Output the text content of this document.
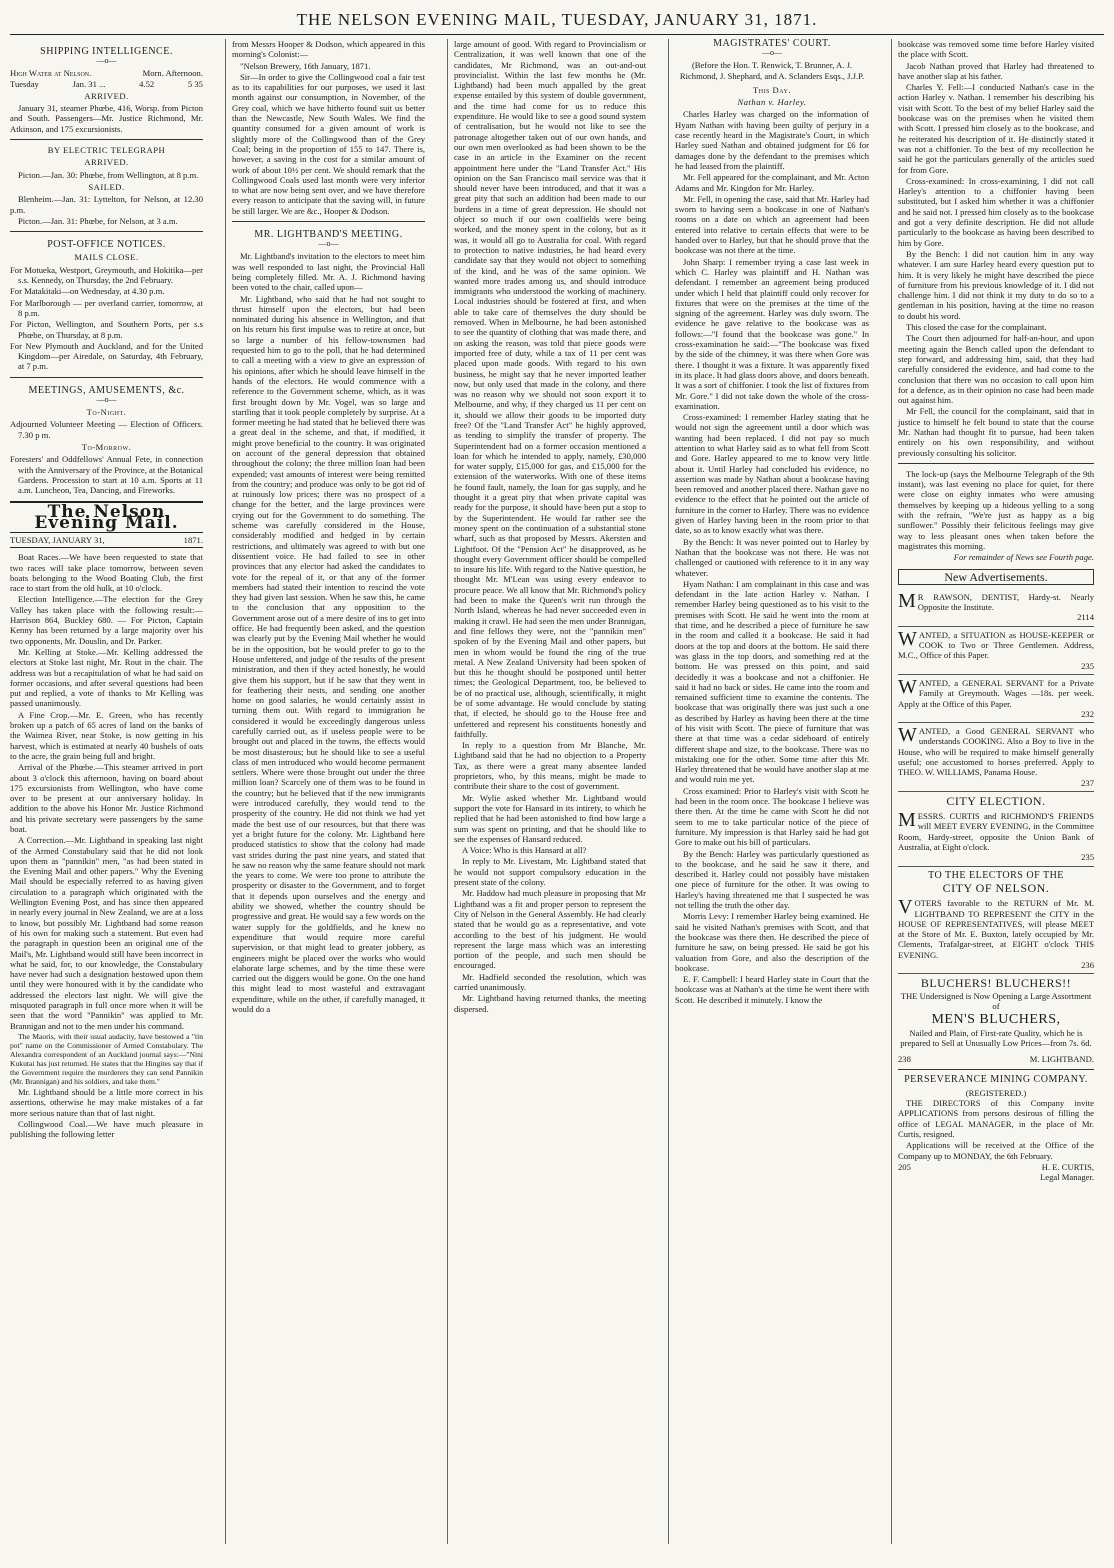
THE NELSON EVENING MAIL, TUESDAY, JANUARY 31, 1871.
SHIPPING INTELLIGENCE.
—o—
High Water at Nelson.	Morn. Afternoon.
Tuesday	Jan. 31 ...	4.52	5 35
ARRIVED.

January 31, steamer Phœbe, 416, Worsp. from Picton and South. Passengers—Mr. Justice Richmond, Mr. Atkinson, and 175 excursionists.

BY ELECTRIC TELEGRAPH
ARRIVED.

Picton.—Jan. 30: Phœbe, from Wellington, at 8 p.m.

SAILED.

Blenheim.—Jan. 31: Lyttelton, for Nelson, at 12.30 p.m.

Picton.—Jan. 31: Phœbe, for Nelson, at 3 a.m.

POST-OFFICE NOTICES.
MAILS CLOSE.

For Motueka, Westport, Greymouth, and Hokitika—per s.s. Kennedy, on Thursday, the 2nd February.

For Matakitaki—on Wednesday, at 4.30 p.m.

For Marlborough — per overland carrier, tomorrow, at 8 p.m.

For Picton, Wellington, and Southern Ports, per s.s Phœbe, on Thursday, at 8 p.m.

For New Plymouth and Auckland, and for the United Kingdom—per Airedale, on Saturday, 4th February, at 7 p.m.

MEETINGS, AMUSEMENTS, &c.
—o—
To-Night.

Adjourned Volunteer Meeting — Election of Officers. 7.30 p m.

To-Morrow.

Foresters' and Oddfellows' Annual Fete, in connection with the Anniversary of the Province, at the Botanical Gardens. Procession to start at 10 a.m. Sports at 11 a.m. Luncheon, Tea, Dancing, and Fireworks.

The Nelson Evening Mail.
TUESDAY, JANUARY 31,	1871.

Boat Races.—We have been requested to state that two races will take place tomorrow, between seven boats belonging to the Wood Boating Club, the first race to start from the old hulk, at 10 o'clock.

Election Intelligence.—The election for the Grey Valley has taken place with the following result:—Harrison 864, Buckley 680. — For Picton, Captain Kenny has been returned by a large majority over his two opponents, Mr. Douslin, and Dr. Parker.

Mr. Kelling at Stoke.—Mr. Kelling addressed the electors at Stoke last night, Mr. Rout in the chair. The address was but a recapitulation of what he had said on former occasions, and after several questions had been put and replied, a vote of thanks to Mr Kelling was passed unanimously.

A Fine Crop.—Mr. E. Green, who has recently broken up a patch of 65 acres of land on the banks of the Waimea River, near Stoke, is now getting in his harvest, which is estimated at nearly 40 bushels of oats to the acre, the grain being full and bright.

Arrival of the Phœbe.—This steamer arrived in port about 3 o'clock this afternoon, having on board about 175 excursionists from Wellington, who have come over to be present at our anniversary holiday. In addition to the above his Honor Mr. Justice Richmond and his private secretary were passengers by the same boat.

A Correction.—Mr. Lightband in speaking last night of the Armed Constabulary said that he did not look upon them as "pannikin" men, "as had been stated in the Evening Mail and other papers." Why the Evening Mail should be especially referred to as having given circulation to a paragraph which originated with the Wellington Evening Post, and has since then appeared in nearly every journal in New Zealand, we are at a loss to know, but possibly Mr. Lightband had some reason of his own for making such a statement. But even had the paragraph in question been an original one of the Mail's, Mr. Lightband would still have been incorrect in what he said, for, to our knowledge, the Constabulary have never had such a designation bestowed upon them until they were honoured with it by the candidate who addressed the electors last night. We will give the misquoted paragraph in full once more when it will be seen that the word "Pannikin" was applied to Mr. Brannigan and not to the men under his command.

The Maoris, with their usual audacity, have bestowed a "tin pot" name on the Commissioner of Armed Constabulary. The Alexandra correspondent of an Auckland journal says:—"Nini Kukutai has just returned. He states that the Hingites say that if the Government require the murderers they can send Pannikin (Mr. Brannigan) and his soldiers, and take them."

Mr. Lightband should be a little more correct in his assertions, otherwise he may make mistakes of a far more serious nature than that of last night.

Collingwood Coal.—We have much pleasure in publishing the following letter

from Messrs Hooper & Dodson, which appeared in this morning's Colonist:—

"Nelson Brewery, 16th January, 1871.

Sir—In order to give the Collingwood coal a fair test as to its capabilities for our purposes, we used it last month against our consumption, in November, of the Grey coal, which we have hitherto found suit us better than the Newcastle, New South Wales. We find the quantity consumed for a given amount of work is slightly more of the Collingwood than of the Grey Coal; being in the proportion of 155 to 147. There is, however, a saving in the cost for a similar amount of work of about 10½ per cent. We should remark that the Collingwood Coals used last month were very inferior to what are now being sent over, and we have therefore every reason to anticipate that the saving will, in future be still larger. We are &c., Hooper & Dodson.

MR. LIGHTBAND'S MEETING.
—o—

Mr. Lightband's invitation to the electors to meet him was well responded to last night, the Provincial Hall being completely filled. Mr. A. J. Richmond having been voted to the chair, called upon—

Mr. Lightband, who said that he had not sought to thrust himself upon the electors, but had been nominated during his absence in Wellington, and that on his return his first impulse was to retire at once, but so large a number of his fellow-townsmen had requested him to go to the poll, that he had determined to call a meeting with a view to give an expression of his opinions, after which he should leave himself in the hands of the electors. He would commence with a reference to the Government scheme, which, as it was first brought down by Mr. Vogel, was so large and startling that it took people completely by surprise. At a former meeting he had stated that he believed there was a great deal in the scheme, and that, if modified, it might prove beneficial to the country. It was originated on account of the general depression that obtained throughout the colony; the three million loan had been expended; vast amounts of interest were being remitted from the country; and produce was only to be got rid of at ruinously low prices; there was no prospect of a change for the better, and the large provinces were crying out for the Government to do something. The scheme was carefully considered in the House, considerably modified and hedged in by certain restrictions, and ultimately was agreed to with but one dissentient voice. He had failed to see in other provinces that any elector had asked the candidates to vote for the repeal of it, or that any of the former members had stated their intention to rescind the vote they had given last session. When he saw this, he came to the conclusion that any opposition to the Government arose out of a mere desire of ins to get into office. He had frequently been asked, and the question was clearly put by the Evening Mail whether he would be in the opposition, but he would prefer to go to the House unfettered, and judge of the results of the present ministration, and then if they acted honestly, he would give them his support, but if he saw that they went in for feathering their nests, and sending one another home on good salaries, he would certainly assist in turning them out. With regard to immigration he considered it would be exceedingly dangerous unless carefully carried out, as if useless people were to be brought out and placed in the towns, the effects would be most disasterous; but he should like to see a useful class of men introduced who would become permanent settlers. Where were those brought out under the three million loan? Scarcely one of them was to be found in the country; but he believed that if the new immigrants were introduced carefully, they would tend to the prosperity of the country. He did not think we had yet made the best use of our resources, but that there was yet a bright future for the colony. Mr. Lightband here produced statistics to show that the colony had made vast strides during the past nine years, and stated that he saw no reason why the same feature should not mark the years to come. We were too prone to attribute the prosperity or disaster to the Government, and to forget that it depends upon ourselves and the energy and ability we showed, whether the country should be progressive and great. He would say a few words on the water supply for the goldfields, and he knew no expenditure that would require more careful supervision, or that might lead to greater jobbery, as engineers might be placed over the works who would elaborate large schemes, and by the time these were carried out the diggers would be gone. On the one hand this might lead to most wasteful and extravagant expenditure, while on the other, if carefully managed, it would do a

large amount of good. With regard to Provincialism or Centralization, it was well known that one of the candidates, Mr Richmond, was an out-and-out provincialist. Within the last few months he (Mr. Lightband) had been much appalled by the great expense entailed by this system of double government, and the time had come for us to reduce this expenditure. He would like to see a good sound system of centralisation, but he would not like to see the patronage altogether taken out of our own hands, and our own men overlooked as had been shown to be the case in an article in the Examiner on the recent appointment here under the "Land Transfer Act." His opinion on the San Francisco mail service was that it should never have been introduced, and that it was a great pity that such an addition had been made to our burdens in a time of great depression. He should not object so much if our own coalfields were being worked, and the money spent in the colony, but as it was, it would all go to Australia for coal. With regard to protection to native industries, he had heard every candidate say that they would not object to something of the kind, and he was of the same opinion. We wanted more trades among us, and should introduce immigrants who understood the working of machinery. Local industries should be fostered at first, and when able to take care of themselves the duty should be removed. When in Melbourne, he had been astonished to see the quantity of clothing that was made there, and on asking the reason, was told that piece goods were imported free of duty, while a tax of 11 per cent was placed upon made goods. With regard to his own business, he might say that he never imported leather now, but only used that made in the colony, and there was no reason why we should not soon export it to Melbourne, and why, if they charged us 11 per cent on it, should we allow their goods to be imported duty free? Of the "Land Transfer Act" he highly approved, as tending to simplify the transfer of property. The Superintendent had on a former occasion mentioned a loan for which he intended to apply, namely, £30,000 for water supply, £15,000 for gas, and £15,000 for the extension of the waterworks. With one of these items he found fault, namely, the loan for gas supply, and he thought it a great pity that when private capital was ready for the purpose, it should have been put a stop to by the Superintendent. He would far rather see the money spent on the continuation of a substantial stone wharf, such as that proposed by Messrs. Akersten and Lightfoot. Of the "Pension Act" he disapproved, as he thought every Government officer should be compelled to insure his life. With regard to the Native question, he thought Mr. M'Lean was using every endeavor to procure peace. We all know that Mr. Richmond's policy had been to make the Queen's writ run through the North Island, whereas he had never succeeded even in making it crawl. He had seen the men under Brannigan, and fine fellows they were, not the "pannikin men" spoken of by the Evening Mail and other papers, but men in whom would be found the ring of the true metal. A New Zealand University had been spoken of but this he thought should be postponed until better times; the Geological Department, too, be believed to be of no practical use, although, scientifically, it might be of some advantage. He would conclude by stating that, if elected, he should go to the House free and unfettered and represent his constituents honestly and faithfully.

In reply to a question from Mr Blanche, Mr. Lightband said that he had no objection to a Property Tax, as there were a great many absentee landed proprietors, who, by this means, might be made to contribute their share to the cost of government.

Mr. Wylie asked whether Mr. Lightband would support the vote for Hansard in its intirety, to which he replied that he had been astonished to find how large a sum was spent on printing, and that he should like to see the expenses of Hansard reduced.

A Voice: Who is this Hansard at all?

In reply to Mr. Livestam, Mr. Lightband stated that he would not support compulsory education in the present state of the colony.

Mr. Haddow had much pleasure in proposing that Mr Lightband was a fit and proper person to represent the City of Nelson in the General Assembly. He had clearly stated that he would go as a representative, and vote according to the best of his judgment. He would represent the large mass which was an interesting portion of the people, and such men should be encouraged.

Mr. Hadfield seconded the resolution, which was carried unanimously.

Mr. Lightband having returned thanks, the meeting dispersed.

MAGISTRATES' COURT.
—o—
(Before the Hon. T. Renwick, T. Brunner, A. J. Richmond, J. Shephard, and A. Sclanders Esqs., J.J.P.
This Day.
Nathan v. Harley.

Charles Harley was charged on the information of Hyam Nathan with having been guilty of perjury in a case recently heard in the Magistrate's Court, in which Harley sued Nathan and obtained judgment for £6 for damages done by the defendant to the premises which he had leased from the plaintiff.

Mr. Fell appeared for the complainant, and Mr. Acton Adams and Mr. Kingdon for Mr. Harley.

Mr. Fell, in opening the case, said that Mr. Harley had sworn to having seen a bookcase in one of Nathan's rooms on a date on which an agreement had been entered into relative to certain effects that were to be handed over to Harley, but that he should prove that the bookcase was not there at the time.

John Sharp: I remember trying a case last week in which C. Harley was plaintiff and H. Nathan was defendant. I remember an agreement being produced under which I held that plaintiff could only recover for fixtures that were on the premises at the time of the signing of the agreement. Harley was duly sworn. The evidence he gave relative to the bookcase was as follows:—"I found that the bookcase was gone." In cross-examination he said:—"The bookcase was fixed by the side of the chimney, it was there when Gore was there. I thought it was a fixture. It was apparently fixed in its place. It had glass doors above, and doors beneath. It was a sort of chiffonier. I took the list of fixtures from Mr. Gore." I did not take down the whole of the cross-examination.

Cross-examined: I remember Harley stating that he would not sign the agreement until a door which was wanting had been replaced. I did not pay so much attention to what Harley said as to what fell from Scott and Gore. Harley appeared to me to know very little about it. Until Harley had concluded his evidence, no assertion was made by Nathan about a bookcase having been removed and another placed there. Nathan gave no evidence to the effect that he pointed out the article of furniture in the corner to Harley. There was no evidence given of Harley having been in the room prior to that date, so as to know exactly what was there.

By the Bench: It was never pointed out to Harley by Nathan that the bookcase was not there. He was not challenged or cautioned with reference to it in any way whatever.

Hyam Nathan: I am complainant in this case and was defendant in the late action Harley v. Nathan. I remember Harley being questioned as to his visit to the premises with Scott. He said he went into the room at that time, and he described a piece of furniture he saw in the room and called it a bookcase. He said it had doors at the top and doors at the bottom. He said there was glass in the top doors, and something red at the bottom. He was pressed on this point, and said decidedly it was a bookcase and not a chiffonier. He said it had no back or sides. He came into the room and remained sufficient time to examine the contents. The bookcase that was originally there was just such a one as described by Harley as having been there at the time of his visit with Scott. The piece of furniture that was there at that time was a cedar sideboard of entirely different shape and size, to the bookcase. There was no mistaking one for the other. Some time after this Mr. Harley threatened that he would have another slap at me and would ruin me yet.

Cross examined: Prior to Harley's visit with Scott he had been in the room once. The bookcase I believe was there then. At the time he came with Scott he did not seem to me to take particular notice of the piece of furniture. My impression is that Harley said he had got Gore to make out his bill of particulars.

By the Bench: Harley was particularly questioned as to the bookcase, and he said he saw it there, and described it. Harley could not possibly have mistaken one piece of furniture for the other. It was owing to Harley's having threatened me that I suspected he was not telling the truth the other day.

Morris Levy: I remember Harley being examined. He said he visited Nathan's premises with Scott, and that the bookcase was there then. He described the piece of furniture he saw, on being pressed. He said he got his valuation from Gore, and also the description of the bookcase.

E. F. Campbell: I heard Harley state in Court that the bookcase was at Nathan's at the time he went there with Scott. He described it minutely. I know the

bookcase was removed some time before Harley visited the place with Scott.

Jacob Nathan proved that Harley had threatened to have another slap at his father.

Charles Y. Fell:—I conducted Nathan's case in the action Harley v. Nathan. I remember his describing his visit with Scott. To the best of my belief Harley said the bookcase was on the premises when he visited them with Scott. I pressed him closely as to the bookcase, and he reiterated his description of it. He distinctly stated it was not a chiffonier. To the best of my recollection he said he got the particulars generally of the articles sued for from Gore.

Cross-examined: In cross-examining, I did not call Harley's attention to a chiffonier having been substituted, but I asked him whether it was a chiffonier and he said not. I pressed him closely as to the bookcase and got a very definite description. He did not allude particularly to the bookcase as having been described to him by Gore.

By the Bench: I did not caution him in any way whatever. I am sure Harley heard every question put to him. It is very likely he might have described the piece of furniture from his previous knowledge of it. I did not challenge him. I did not think it my duty to do so to a gentleman in his position, having at the time no reason to doubt his word.

This closed the case for the complainant.

The Court then adjourned for half-an-hour, and upon meeting again the Bench called upon the defendant to step forward, and addressing him, said, that they had carefully considered the evidence, and had come to the conclusion that there was no occasion to call upon him for a defence, as in their opinion no case had been made out against him.

Mr Fell, the council for the complainant, said that in justice to himself he felt bound to state that the course Mr. Nathan had thought fit to pursue, had been taken entirely on his own responsibility, and without previously consulting his solicitor.

The lock-up (says the Melbourne Telegraph of the 9th instant), was last evening no place for quiet, for there were close on eighty inmates who were amusing themselves by keeping up a hideous yelling to a song with the refrain, "We're just as happy as a big sunflower." Possibly their felicitous feelings may give way to less pleasant ones when taken before the magistrates this morning.

For remainder of News see Fourth page.
New Advertisements.
M R RAWSON, DENTIST, Hardy-st. Nearly Opposite the Institute.
2114
W ANTED, a SITUATION as HOUSE-KEEPER or COOK to Two or Three Gentlemen. Address, M.C., Office of this Paper.
235
W ANTED, a GENERAL SERVANT for a Private Family at Greymouth. Wages —18s. per week. Apply at the Office of this Paper.
232
W ANTED, a Good GENERAL SERVANT who understands COOKING. Also a Boy to live in the House, who will be required to make himself generally useful; one accustomed to horses preferred. Apply to THEO. W. WILLIAMS, Panama House.
237
CITY ELECTION.
M ESSRS. CURTIS and RICHMOND'S FRIENDS will MEET EVERY EVENING, in the Committee Room, Hardy-street, opposite the Union Bank of Australia, at Eight o'clock.
235
TO THE ELECTORS OF THE
CITY OF NELSON.
V OTERS favorable to the RETURN of Mr. M. LIGHTBAND TO REPRESENT the CITY in the HOUSE OF REPRESENTATIVES, will please MEET at the Store of Mr. E. Buxton, lately occupied by Mr. Clements, Trafalgar-street, at EIGHT o'clock THIS EVENING.
236
BLUCHERS! BLUCHERS!!
THE Undersigned is Now Opening a Large Assortment of
MEN'S BLUCHERS,
Nailed and Plain, of First-rate Quality, which he is prepared to Sell at Unusually Low Prices—from 7s. 6d.
238	M. LIGHTBAND.
PERSEVERANCE MINING COMPANY.
(REGISTERED.)

THE DIRECTORS of this Company invite APPLICATIONS from persons desirous of filling the office of LEGAL MANAGER, in the place of Mr. Curtis, resigned.

Applications will be received at the Office of the Company up to MONDAY, the 6th February.

205	H. E. CURTIS,
Legal Manager.
